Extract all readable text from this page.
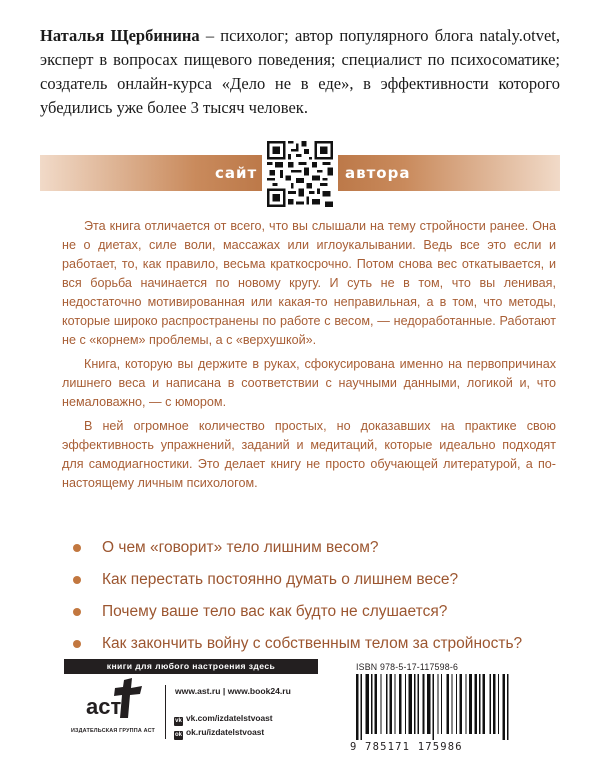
Наталья Щербинина – психолог; автор популярного блога nataly.otvet, эксперт в вопросах пищевого поведения; специалист по психосоматике; создатель онлайн-курса «Дело не в еде», в эффективности которого убедились уже более 3 тысяч человек.
сайт	автора

Эта книга отличается от всего, что вы слышали на тему стройности ранее. Она не о диетах, силе воли, массажах или иглоукалывании. Ведь все это если и работает, то, как правило, весьма краткосрочно. Потом снова вес откатывается, и вся борьба начинается по новому кругу. И суть не в том, что вы ленивая, недостаточно мотивированная или какая-то неправильная, а в том, что методы, которые широко распространены по работе с весом, — недоработанные. Работают не с «корнем» проблемы, а с «верхушкой».

Книга, которую вы держите в руках, сфокусирована именно на первопричинах лишнего веса и написана в соответствии с научными данными, логикой и, что немаловажно, — с юмором.

В ней огромное количество простых, но доказавших на практике свою эффективность упражнений, заданий и медитаций, которые идеально подходят для самодиагностики. Это делает книгу не просто обучающей литературой, а по-настоящему личным психологом.

О чем «говорит» тело лишним весом?
Как перестать постоянно думать о лишнем весе?
Почему ваше тело вас как будто не слушается?
Как закончить войну с собственным телом за стройность?
книги для любого настроения здесь
аст
ИЗДАТЕЛЬСКАЯ ГРУППА АСТ
www.ast.ru | www.book24.ru
vk vk.com/izdatelstvoast
ok ok.ru/izdatelstvoast
ISBN 978-5-17-117598-6
9 785171 175986
